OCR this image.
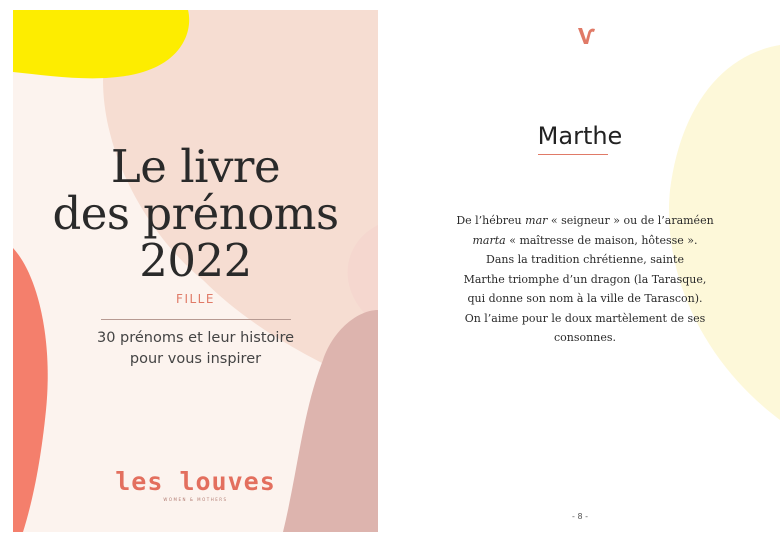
Le livre
des prénoms
2022
FILLE
30 prénoms et leur histoire
pour vous inspirer
les louves
WOMEN & MOTHERS
Marthe
De l’hébreu mar « seigneur » ou de l’araméen
marta « maîtresse de maison, hôtesse ».
Dans la tradition chrétienne, sainte
Marthe triomphe d’un dragon (la Tarasque,
qui donne son nom à la ville de Tarascon).
On l’aime pour le doux martèlement de ses
consonnes.
- 8 -
